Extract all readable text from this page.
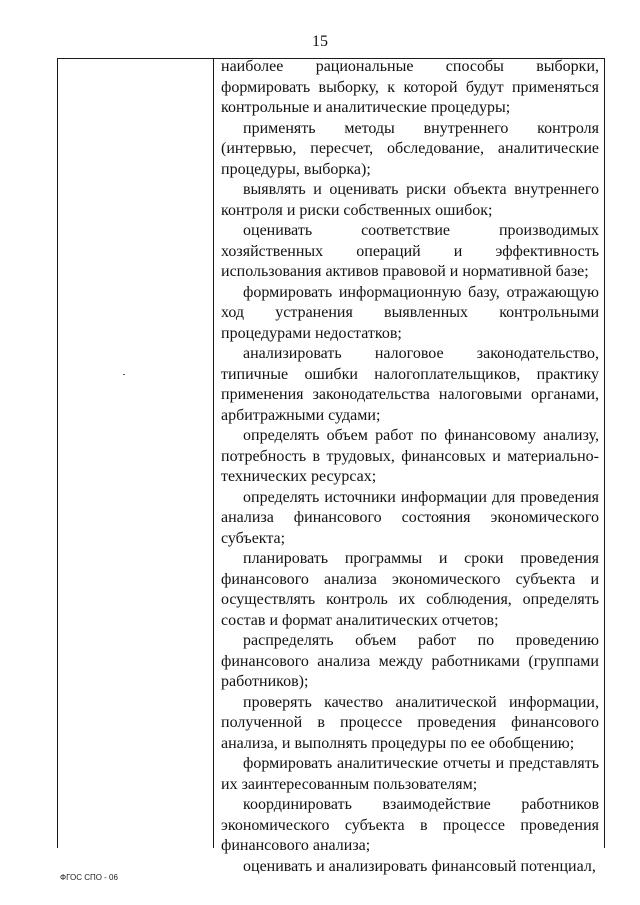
15

наиболее рациональные способы выборки, формировать выборку, к которой будут применяться контрольные и аналитические процедуры;

применять методы внутреннего контроля (интервью, пересчет, обследование, аналитические процедуры, выборка);

выявлять и оценивать риски объекта внутреннего контроля и риски собственных ошибок;

оценивать соответствие производимых хозяйственных операций и эффективность использования активов правовой и нормативной базе;

формировать информационную базу, отражающую ход устранения выявленных контрольными процедурами недостатков;

анализировать налоговое законодательство, типичные ошибки налогоплательщиков, практику применения законодательства налоговыми органами, арбитражными судами;

определять объем работ по финансовому анализу, потребность в трудовых, финансовых и материально-технических ресурсах;

определять источники информации для проведения анализа финансового состояния экономического субъекта;

планировать программы и сроки проведения финансового анализа экономического субъекта и осуществлять контроль их соблюдения, определять состав и формат аналитических отчетов;

распределять объем работ по проведению финансового анализа между работниками (группами работников);

проверять качество аналитической информации, полученной в процессе проведения финансового анализа, и выполнять процедуры по ее обобщению;

формировать аналитические отчеты и представлять их заинтересованным пользователям;

координировать взаимодействие работников экономического субъекта в процессе проведения финансового анализа;

оценивать и анализировать финансовый потенциал,

ФГОС СПО - 06
